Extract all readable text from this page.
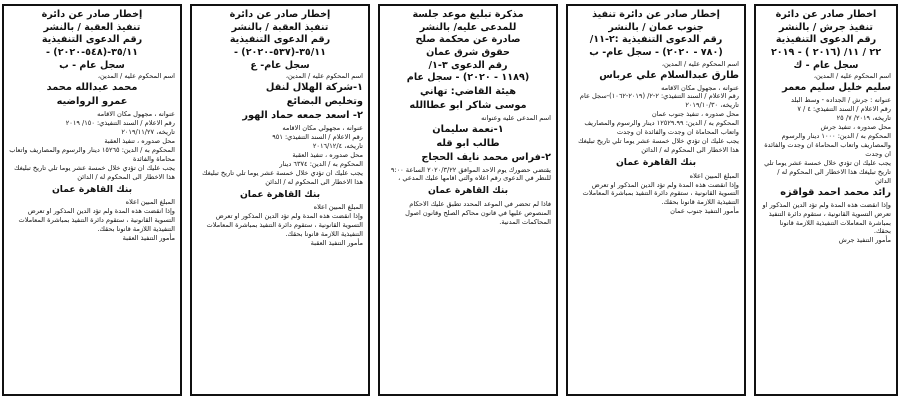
اخطار صادر عن دائرة

تنفيذ جرش / بالنشر

رقم الدعوى التنفيذية

٢٢ / ١١/ (٢٠١٦ ) - ٢٠١٩

سجل عام - ك

اسم المحكوم عليه / المدين،

سليم خليل سليم معمر

عنوانه : جرش / الجداده - وسط البلد

رقم الاعلام / السند التنفيذي: ٤ / ٧

تاريخه، ٢٠١٩/ ٧/ ٢٥

محل صدوره ، تنفيذ جرش

المحكوم به / الدين: ١٠٠٠ دينار والرسوم والمصاريف واتعاب المحاماة ان وجدت والفائدة ان وجدت

يجب عليك ان تؤدي خلال خمسة عشر يوما تلي تاريخ تبليغك هذا الاخطار الى المحكوم له / الدائن

رائد محمد احمد قواقزه

وإذا انقضت هذه المدة ولم تؤد الدين المذكور او تعرض التسوية القانونية ، ستقوم دائرة التنفيذ بمباشرة المعاملات التنفيذية اللازمة قانونا بحقك.

مأمور التنفيذ جرش

إخطار صادر عن دائرة تنفيذ

جنوب عمان / بالنشر

رقم الدعوى التنفيذية :٢-١١/

(٧٨٠ - ٢٠٢٠) - سجل عام- ب

اسم المحكوم عليه / المدين،

طارق عبدالسلام علي عرباس

عنوانه ، مجهول مكان الاقامه

رقم الاعلام / السند التنفيذي: ٢-٢/ (٢٠١٩-١٠٦٢)-سجل عام

تاريخه، ٢٠١٩/١٠/٣٠

محل صدوره ، تنفيذ جنوب عمان

المحكوم به / الدين: ١٢٥٢٩.٩٩ دينار والرسوم والمصاريف واتعاب المحاماة ان وجدت والفائدة ان وجدت

يجب عليك ان تؤدي خلال خمسة عشر يوما تلي تاريخ تبليغك هذا الاخطار الى المحكوم له / الدائن

بنك القاهرة عمان

المبلغ المبين اعلاه

وإذا انقضت هذه المدة ولم تؤد الدين المذكور او تعرض التسوية القانونية ، ستقوم دائرة التنفيذ بمباشرة المعاملات التنفيذية اللازمة قانونا بحقك.

مأمور التنفيذ جنوب عمان

مذكرة تبليغ موعد جلسة

للمدعى عليه/ بالنشر

صادرة عن محكمة صلح

حقوق شرق عمان

رقم الدعوى ٣-١/

(١١٨٩ - ٢٠٢٠) - سجل عام

هيئة القاضي: تهاني

موسى شاكر ابو عطاالله

اسم المدعى عليه وعنوانه

١-نعمة سليمان

طالب ابو قله

٢-فراس محمد نايف الحجاج

يقتضي حضورك يوم الاحد الموافق ٢٠٢٠/٣/٢٢ الساعة ٩:٠٠

للنظر في الدعوى رقم اعلاه والتي اقامها عليك المدعي ،

بنك القاهرة عمان

فاذا لم تحضر في الموعد المحدد تطبق عليك الاحكام المنصوص عليها في قانون محاكم الصلح وقانون اصول المحاكمات المدنية.

إخطار صادر عن دائرة

تنفيذ العقبة / بالنشر

رقم الدعوى التنفيذية

٣٥/١١-(٥٣٧-٢٠٢٠) -

سجل عام- ع

اسم المحكوم عليه / المدين،

١-شركة الهلال لنقل

وتخليص البضائع

٢- اسعد جمعه حماد الهور

عنوانه ، مجهولي مكان الاقامه

رقم الاعلام / السند التنفيذي: ٩٥١

تاريخه، ٢٠١٦/١٢/٤

محل صدوره ، تنفيذ العقبة

المحكوم به / الدين: ٦٣٧٤ دينار

يجب عليك ان تؤدي خلال خمسة عشر يوما تلي تاريخ تبليغك هذا الاخطار الى المحكوم له / الدائن

بنك القاهرة عمان

المبلغ المبين اعلاه

وإذا انقضت هذه المدة ولم تؤد الدين المذكور او تعرض التسوية القانونية ، ستقوم دائرة التنفيذ بمباشرة المعاملات التنفيذية اللازمة قانونا بحقك.

مأمور التنفيذ العقبة

إخطار صادر عن دائرة

تنفيذ العقبة / بالنشر

رقم الدعوى التنفيذية

٣٥/١١-(٥٤٨-٢٠٢٠) -

سجل عام - ب

اسم المحكوم عليه / المدين،

محمد عبدالله محمد

عمرو الرواضيه

عنوانه ، مجهول مكان الاقامه

رقم الاعلام / السند التنفيذي: ١٥٠/ ٢٠١٩

تاريخه، ٢٠١٩/١١/٢٧

محل صدوره ، تنفيذ العقبة

المحكوم به / الدين: ١٥٢٦٥ دينار والرسوم والمصاريف واتعاب محاماة والفائدة

يجب عليك ان تؤدي خلال خمسة عشر يوما تلي تاريخ تبليغك هذا الاخطار الى المحكوم له / الدائن

بنك القاهرة عمان

المبلغ المبين اعلاه

وإذا انقضت هذه المدة ولم تؤد الدين المذكور او تعرض التسوية القانونية ، ستقوم دائرة التنفيذ بمباشرة المعاملات التنفيذية اللازمة قانونا بحقك.

مأمور التنفيذ العقبة
